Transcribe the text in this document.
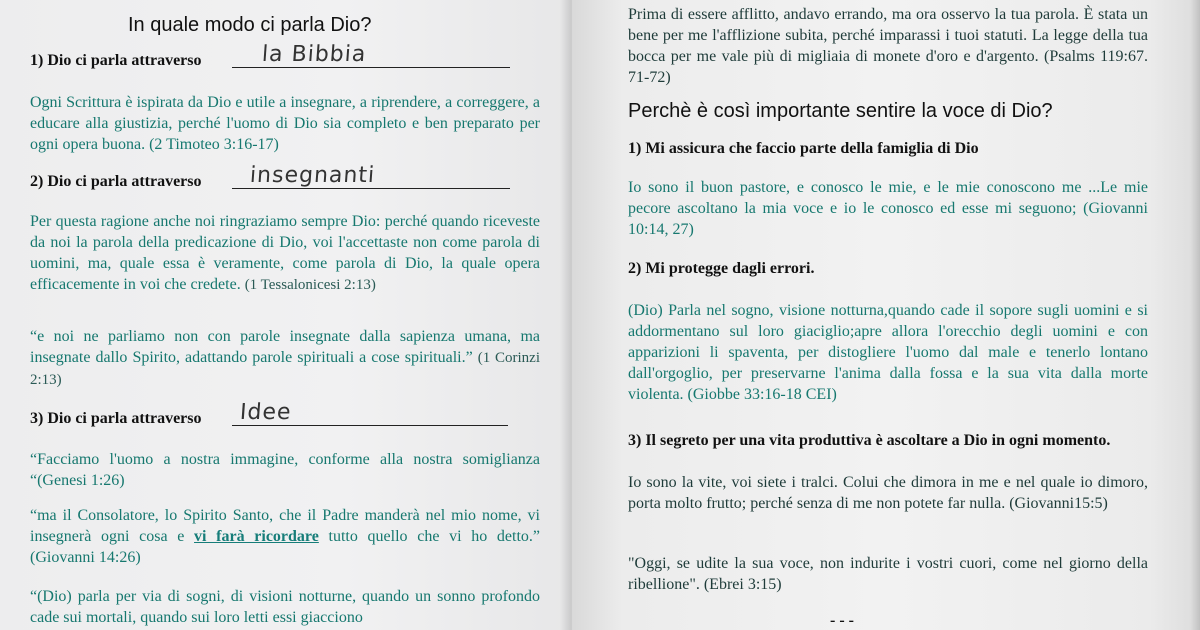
In quale modo ci parla Dio?
1) Dio ci parla attraverso	la Bibbia
Ogni Scrittura è ispirata da Dio e utile a insegnare, a riprendere, a correggere, a educare alla giustizia, perché l'uomo di Dio sia completo e ben preparato per ogni opera buona. (2 Timoteo 3:16-17)
2) Dio ci parla attraverso insegnanti
Per questa ragione anche noi ringraziamo sempre Dio: perché quando riceveste da noi la parola della predicazione di Dio, voi l'accettaste non come parola di uomini, ma, quale essa è veramente, come parola di Dio, la quale opera efficacemente in voi che credete. (1 Tessalonicesi 2:13)
“e noi ne parliamo non con parole insegnate dalla sapienza umana, ma insegnate dallo Spirito, adattando parole spirituali a cose spirituali.” (1 Corinzi 2:13)
3) Dio ci parla attraverso Idee
“Facciamo l'uomo a nostra immagine, conforme alla nostra somiglianza “(Genesi 1:26)
“ma il Consolatore, lo Spirito Santo, che il Padre manderà nel mio nome, vi insegnerà ogni cosa e vi farà ricordare tutto quello che vi ho detto.” (Giovanni 14:26)
“(Dio) parla per via di sogni, di visioni notturne, quando un sonno profondo cade sui mortali, quando sui loro letti essi giacciono
Prima di essere afflitto, andavo errando, ma ora osservo la tua parola. È stata un bene per me l'afflizione subita, perché imparassi i tuoi statuti. La legge della tua bocca per me vale più di migliaia di monete d'oro e d'argento. (Psalms 119:67. 71-72)
Perchè è così importante sentire la voce di Dio?
1) Mi assicura che faccio parte della famiglia di Dio
Io sono il buon pastore, e conosco le mie, e le mie conoscono me ...Le mie pecore ascoltano la mia voce e io le conosco ed esse mi seguono; (Giovanni 10:14, 27)
2) Mi protegge dagli errori.
(Dio) Parla nel sogno, visione notturna,quando cade il sopore sugli uomini e si addormentano sul loro giaciglio;apre allora l'orecchio degli uomini e con apparizioni li spaventa, per distogliere l'uomo dal male e tenerlo lontano dall'orgoglio, per preservarne l'anima dalla fossa e la sua vita dalla morte violenta. (Giobbe 33:16-18 CEI)
3) Il segreto per una vita produttiva è ascoltare a Dio in ogni momento.
Io sono la vite, voi siete i tralci. Colui che dimora in me e nel quale io dimoro, porta molto frutto; perché senza di me non potete far nulla. (Giovanni15:5)
"Oggi, se udite la sua voce, non indurite i vostri cuori, come nel giorno della ribellione". (Ebrei 3:15)
- - -
